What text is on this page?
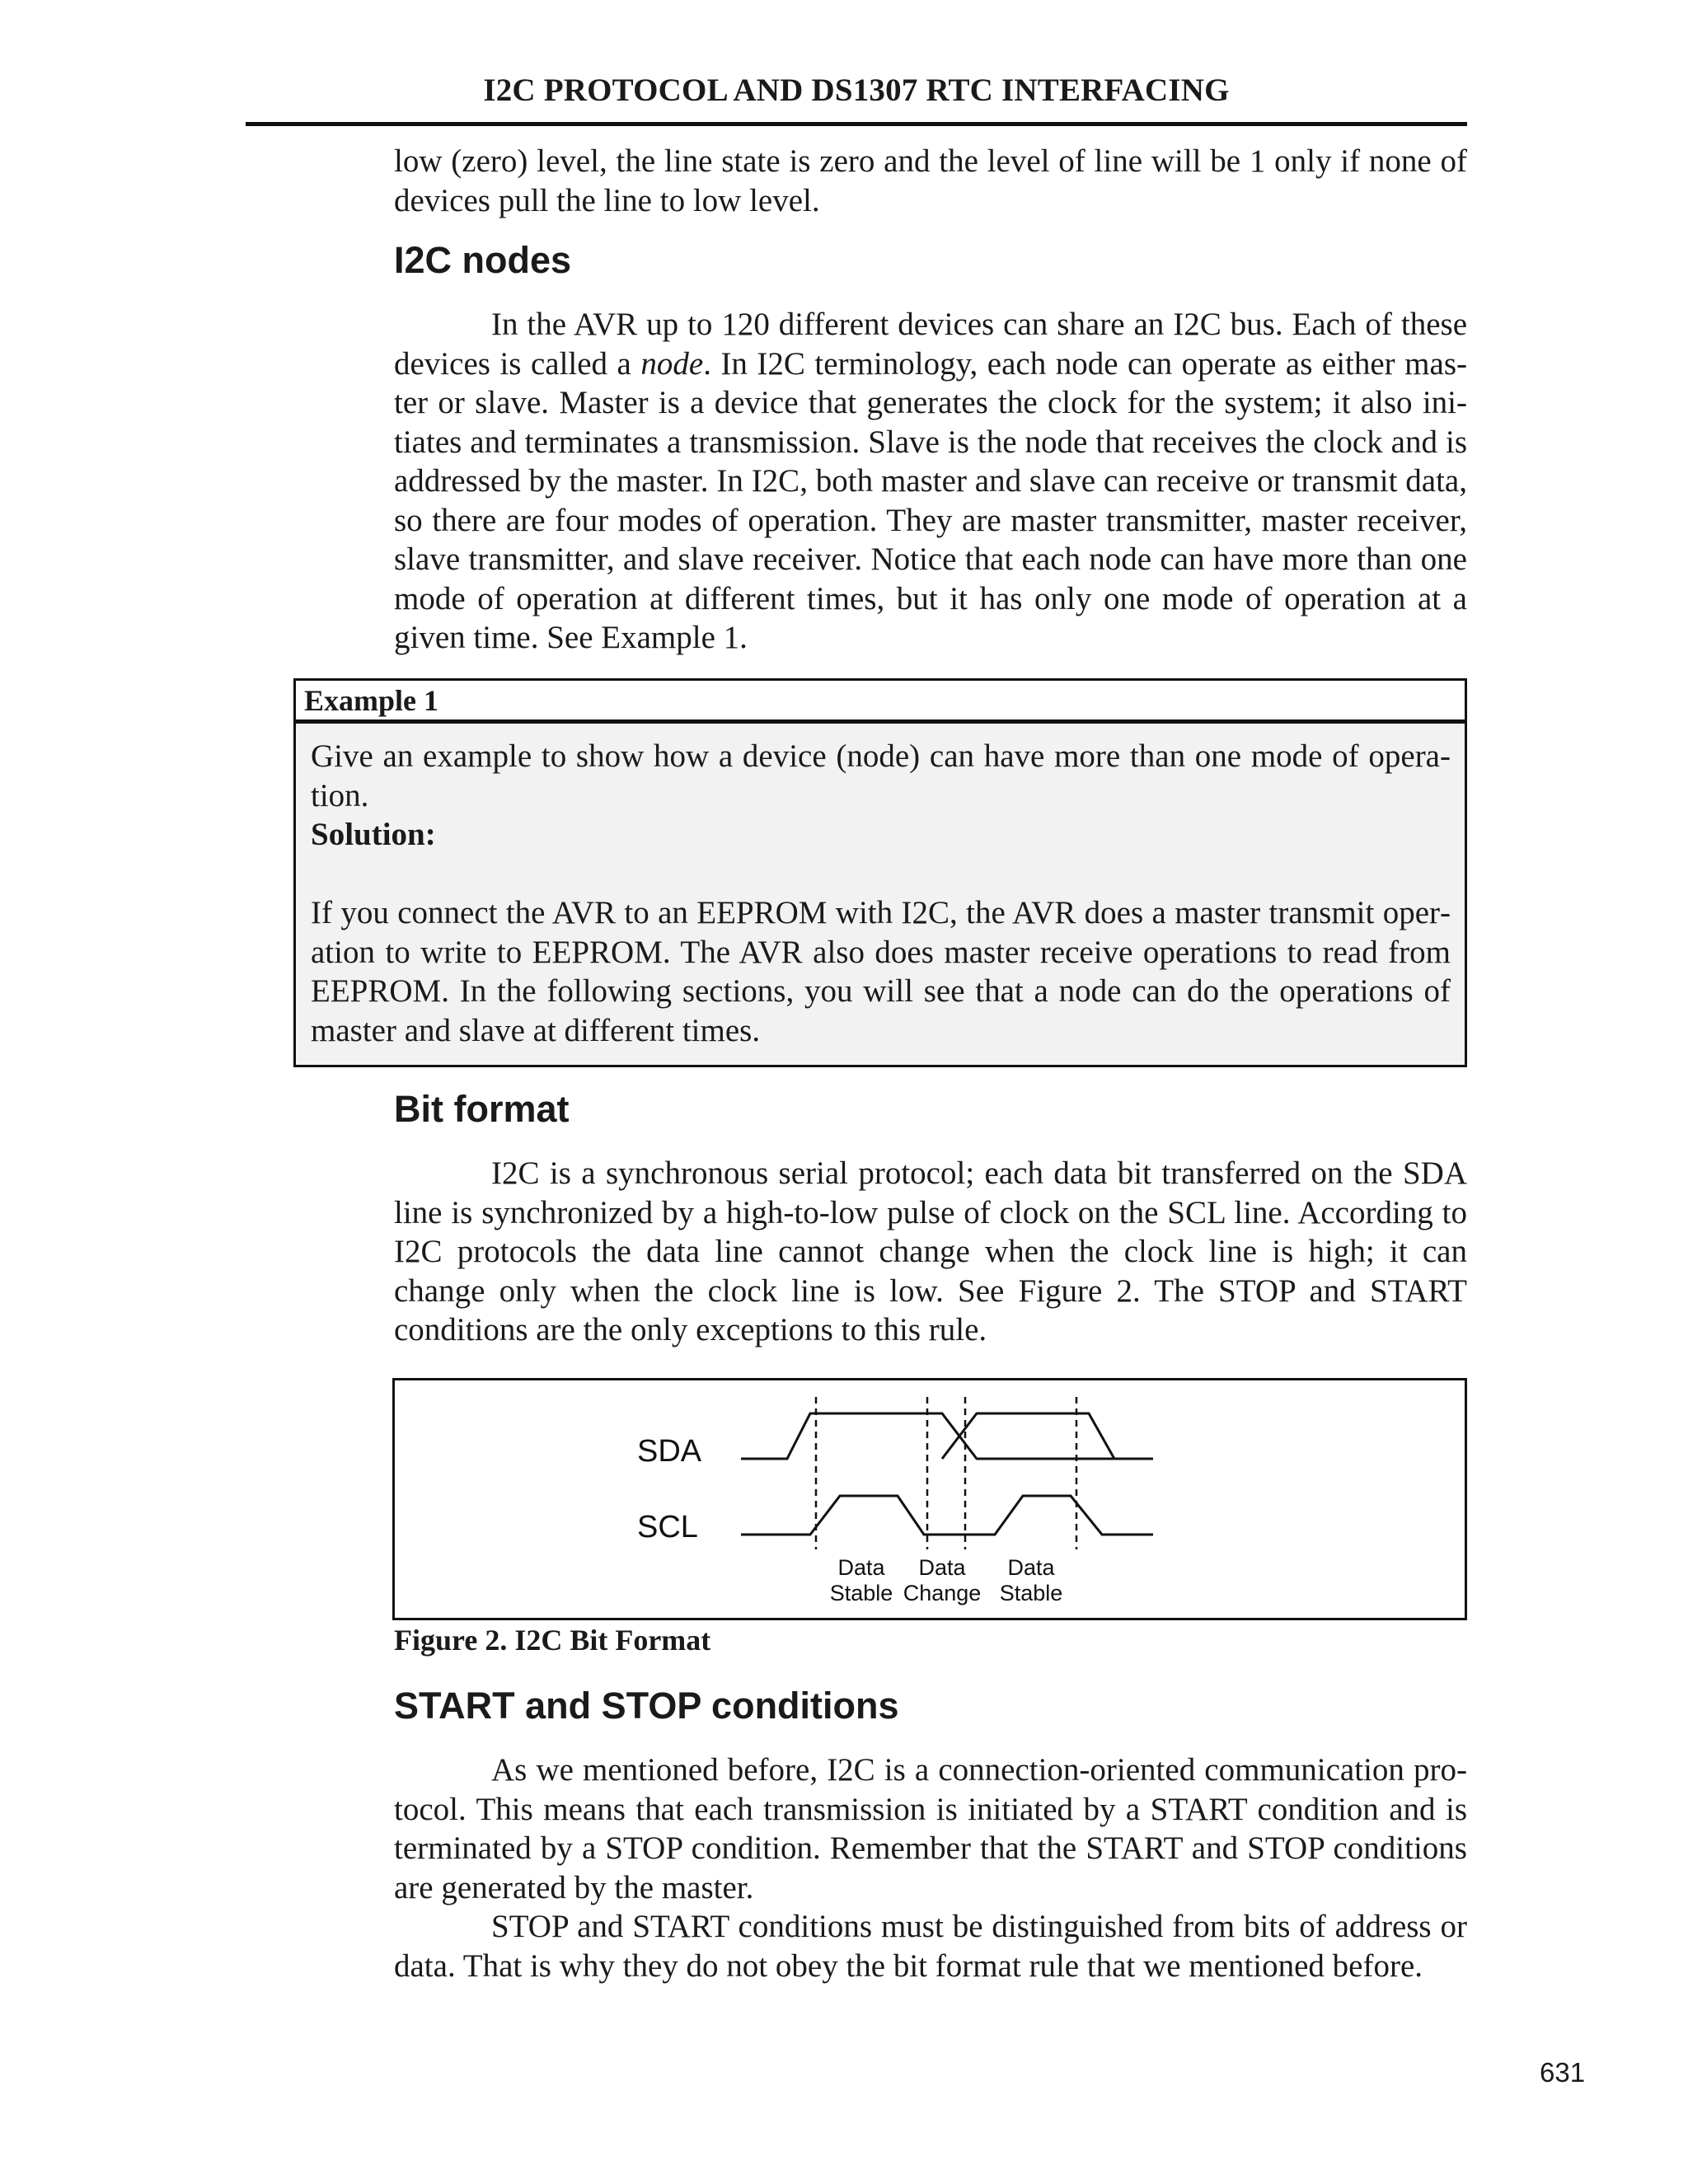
I2C PROTOCOL AND DS1307 RTC INTERFACING
low (zero) level, the line state is zero and the level of line will be 1 only if none of devices pull the line to low level.
I2C nodes
In the AVR up to 120 different devices can share an I2C bus. Each of these devices is called a node. In I2C terminology, each node can operate as either master or slave. Master is a device that generates the clock for the system; it also initiates and terminates a transmission. Slave is the node that receives the clock and is addressed by the master. In I2C, both master and slave can receive or transmit data, so there are four modes of operation. They are master transmitter, master receiver, slave transmitter, and slave receiver. Notice that each node can have more than one mode of operation at different times, but it has only one mode of operation at a given time. See Example 1.
Example 1
Give an example to show how a device (node) can have more than one mode of operation.
Solution:
If you connect the AVR to an EEPROM with I2C, the AVR does a master transmit operation to write to EEPROM. The AVR also does master receive operations to read from EEPROM. In the following sections, you will see that a node can do the operations of master and slave at different times.
Bit format
I2C is a synchronous serial protocol; each data bit transferred on the SDA line is synchronized by a high-to-low pulse of clock on the SCL line. According to I2C protocols the data line cannot change when the clock line is high; it can change only when the clock line is low. See Figure 2. The STOP and START conditions are the only exceptions to this rule.
SDA
SCL
Data
Stable
Data
Change
Data
Stable
Figure 2. I2C Bit Format
START and STOP conditions
As we mentioned before, I2C is a connection-oriented communication protocol. This means that each transmission is initiated by a START condition and is terminated by a STOP condition. Remember that the START and STOP conditions are generated by the master.
STOP and START conditions must be distinguished from bits of address or data. That is why they do not obey the bit format rule that we mentioned before.
631
